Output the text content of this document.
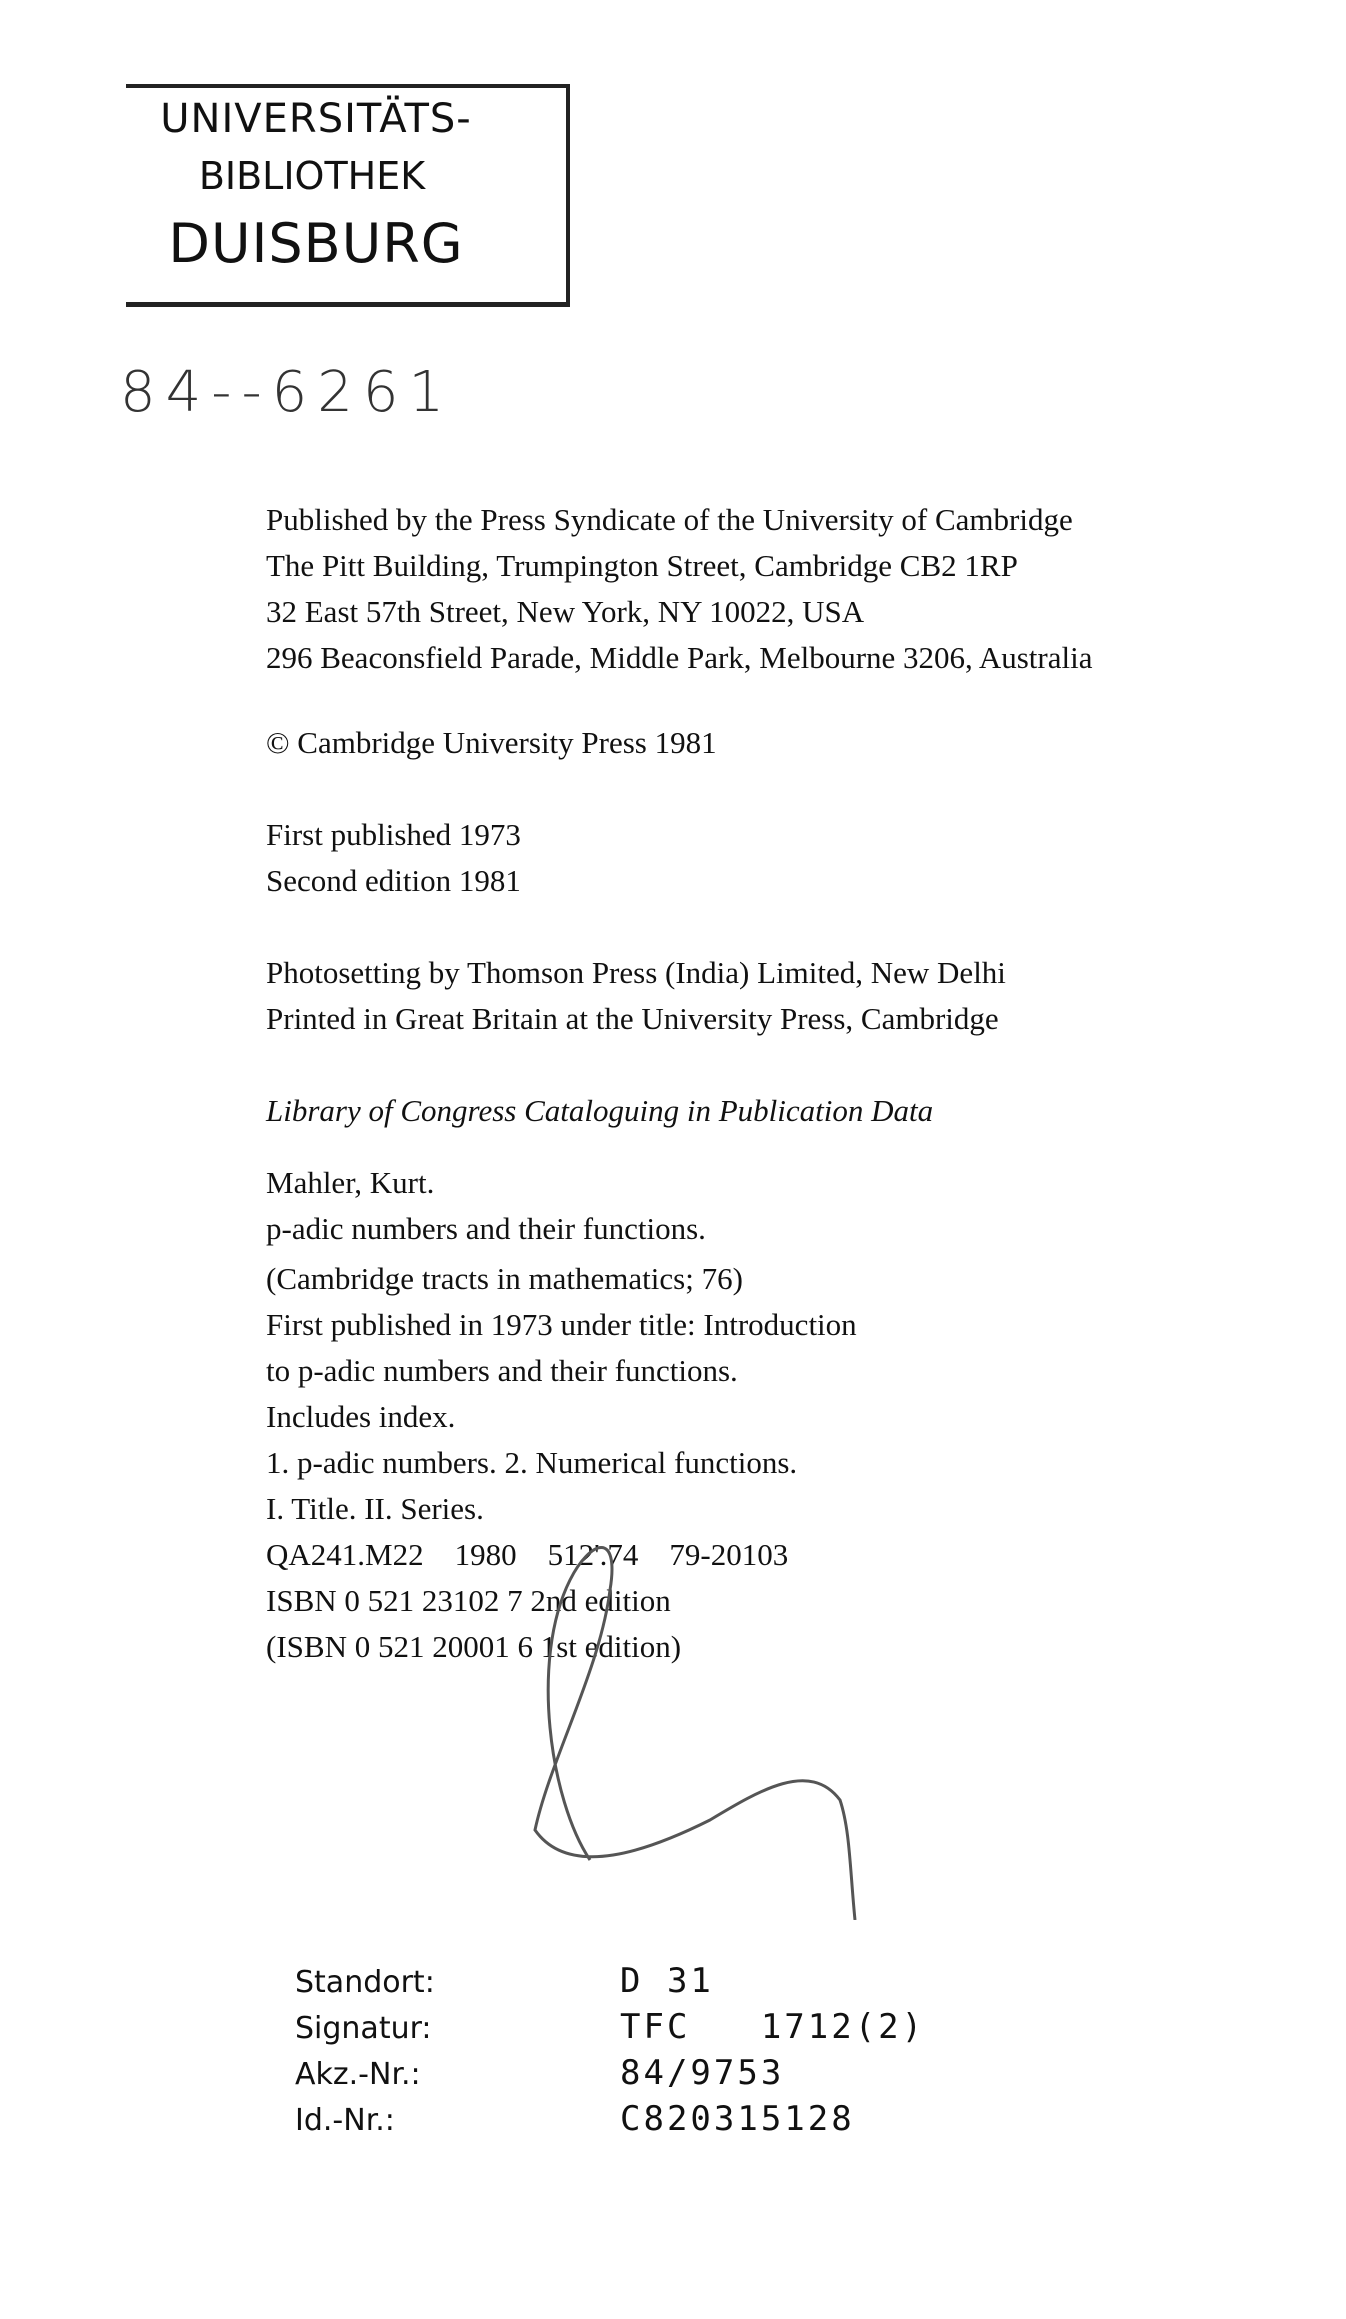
UNIVERSITÄTS-
BIBLIOTHEK
DUISBURG
84--6261
Published by the Press Syndicate of the University of Cambridge
The Pitt Building, Trumpington Street, Cambridge CB2 1RP
32 East 57th Street, New York, NY 10022, USA
296 Beaconsfield Parade, Middle Park, Melbourne 3206, Australia
© Cambridge University Press 1981
First published 1973
Second edition 1981
Photosetting by Thomson Press (India) Limited, New Delhi
Printed in Great Britain at the University Press, Cambridge
Library of Congress Cataloguing in Publication Data
Mahler, Kurt.
p-adic numbers and their functions.
(Cambridge tracts in mathematics; 76)
First published in 1973 under title: Introduction
to p-adic numbers and their functions.
Includes index.
1. p-adic numbers. 2. Numerical functions.
I. Title. II. Series.
QA241.M22    1980    512'.74    79-20103
ISBN 0 521 23102 7 2nd edition
(ISBN 0 521 20001 6 1st edition)
Standort:
Signatur:
Akz.-Nr.:
Id.-Nr.:
D 31
TFC   1712(2)
84/9753
C820315128
